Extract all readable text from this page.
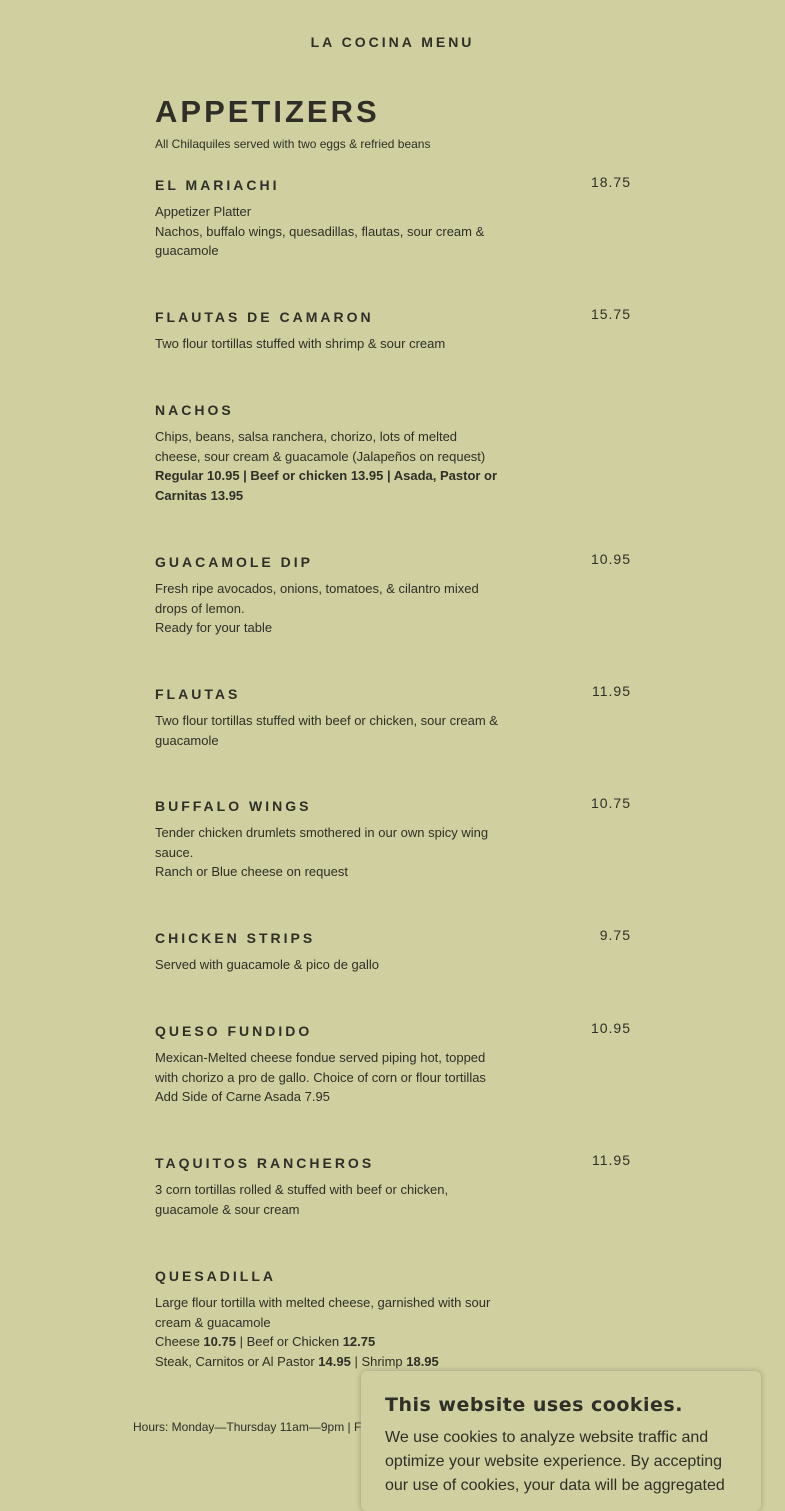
LA COCINA MENU
APPETIZERS
All Chilaquiles served with two eggs & refried beans
EL MARIACHI	18.75
Appetizer Platter
Nachos, buffalo wings, quesadillas, flautas, sour cream & guacamole
FLAUTAS DE CAMARON	15.75
Two flour tortillas stuffed with shrimp & sour cream
NACHOS
Chips, beans, salsa ranchera, chorizo, lots of melted cheese, sour cream & guacamole (Jalapeños on request)
Regular 10.95 | Beef or chicken 13.95 | Asada, Pastor or Carnitas 13.95
GUACAMOLE DIP	10.95
Fresh ripe avocados, onions, tomatoes, & cilantro mixed drops of lemon.
Ready for your table
FLAUTAS	11.95
Two flour tortillas stuffed with beef or chicken, sour cream & guacamole
BUFFALO WINGS	10.75
Tender chicken drumlets smothered in our own spicy wing sauce.
Ranch or Blue cheese on request
CHICKEN STRIPS	9.75
Served with guacamole & pico de gallo
QUESO FUNDIDO	10.95
Mexican-Melted cheese fondue served piping hot, topped with chorizo a pro de gallo. Choice of corn or flour tortillas
Add Side of Carne Asada 7.95
TAQUITOS RANCHEROS	11.95
3 corn tortillas rolled & stuffed with beef or chicken, guacamole & sour cream
QUESADILLA
Large flour tortilla with melted cheese, garnished with sour cream & guacamole
Cheese 10.75 | Beef or Chicken 12.75
Steak, Carnitos or Al Pastor 14.95 | Shrimp 18.95
Hours: Monday—Thursday 11am—9pm | F
This website uses cookies.
We use cookies to analyze website traffic and optimize your website experience. By accepting our use of cookies, your data will be aggregated
